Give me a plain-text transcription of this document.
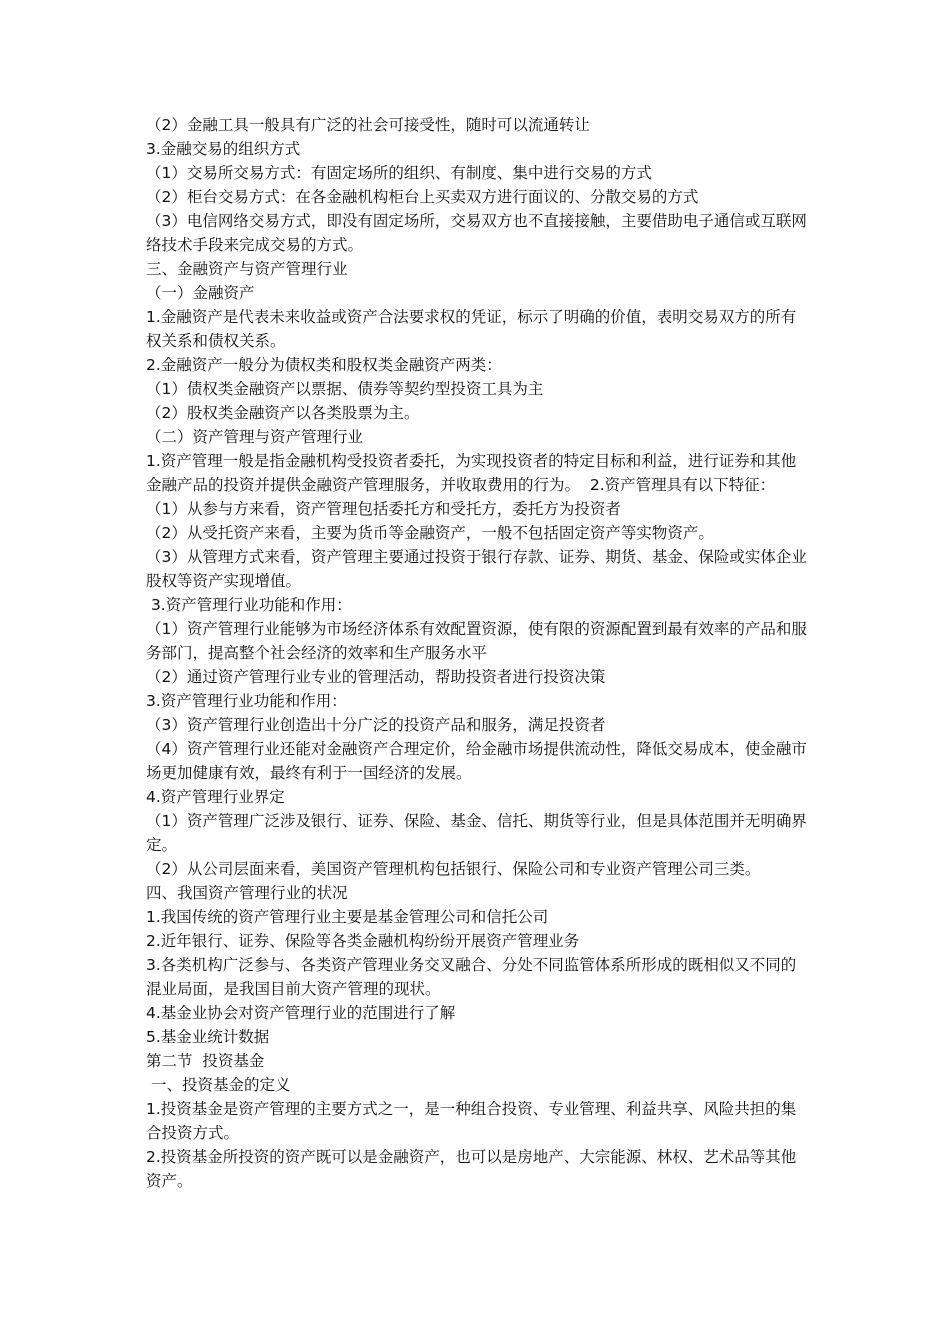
（2）金融工具一般具有广泛的社会可接受性，随时可以流通转让

3.金融交易的组织方式

（1）交易所交易方式：有固定场所的组织、有制度、集中进行交易的方式

（2）柜台交易方式：在各金融机构柜台上买卖双方进行面议的、分散交易的方式

（3）电信网络交易方式，即没有固定场所，交易双方也不直接接触，主要借助电子通信或互联网络技术手段来完成交易的方式。

三、金融资产与资产管理行业

（一）金融资产

1.金融资产是代表未来收益或资产合法要求权的凭证，标示了明确的价值，表明交易双方的所有权关系和债权关系。

2.金融资产一般分为债权类和股权类金融资产两类：

（1）债权类金融资产以票据、债券等契约型投资工具为主

（2）股权类金融资产以各类股票为主。

（二）资产管理与资产管理行业

1.资产管理一般是指金融机构受投资者委托，为实现投资者的特定目标和利益，进行证券和其他金融产品的投资并提供金融资产管理服务，并收取费用的行为。  2.资产管理具有以下特征：

（1）从参与方来看，资产管理包括委托方和受托方，委托方为投资者

（2）从受托资产来看，主要为货币等金融资产，一般不包括固定资产等实物资产。

（3）从管理方式来看，资产管理主要通过投资于银行存款、证券、期货、基金、保险或实体企业股权等资产实现增值。

3.资产管理行业功能和作用：

（1）资产管理行业能够为市场经济体系有效配置资源，使有限的资源配置到最有效率的产品和服务部门，提高整个社会经济的效率和生产服务水平

（2）通过资产管理行业专业的管理活动，帮助投资者进行投资决策

3.资产管理行业功能和作用：

（3）资产管理行业创造出十分广泛的投资产品和服务，满足投资者

（4）资产管理行业还能对金融资产合理定价，给金融市场提供流动性，降低交易成本，使金融市场更加健康有效，最终有利于一国经济的发展。

4.资产管理行业界定

（1）资产管理广泛涉及银行、证券、保险、基金、信托、期货等行业，但是具体范围并无明确界定。

（2）从公司层面来看，美国资产管理机构包括银行、保险公司和专业资产管理公司三类。

四、我国资产管理行业的状况

1.我国传统的资产管理行业主要是基金管理公司和信托公司

2.近年银行、证券、保险等各类金融机构纷纷开展资产管理业务

3.各类机构广泛参与、各类资产管理业务交叉融合、分处不同监管体系所形成的既相似又不同的混业局面，是我国目前大资产管理的现状。

4.基金业协会对资产管理行业的范围进行了解

5.基金业统计数据

第二节  投资基金

一、投资基金的定义

1.投资基金是资产管理的主要方式之一，是一种组合投资、专业管理、利益共享、风险共担的集合投资方式。

2.投资基金所投资的资产既可以是金融资产，也可以是房地产、大宗能源、林权、艺术品等其他资产。
